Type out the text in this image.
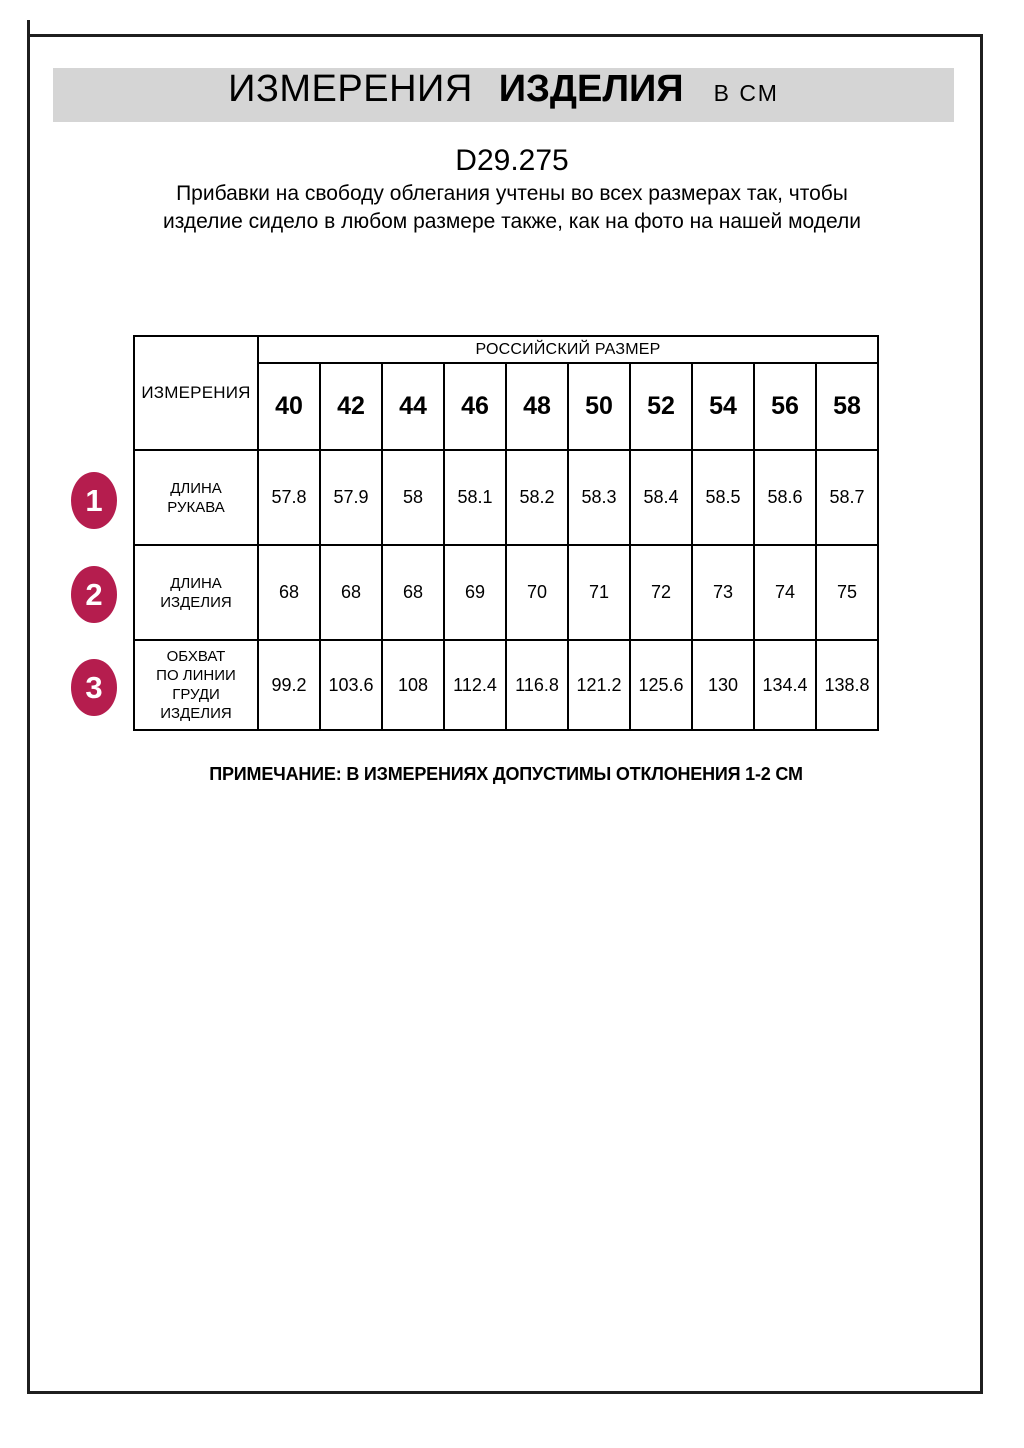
ИЗМЕРЕНИЯ ИЗДЕЛИЯ В СМ
D29.275
Прибавки на свободу облегания учтены во всех размерах так, чтобы изделие сидело в любом размере также, как на фото на нашей модели
ИЗМЕРЕНИЯ	РОССИЙСКИЙ РАЗМЕР									
	40	42	44	46	48	50	52	54	56	58
ДЛИНА РУКАВА	57.8	57.9	58	58.1	58.2	58.3	58.4	58.5	58.6	58.7
ДЛИНА ИЗДЕЛИЯ	68	68	68	69	70	71	72	73	74	75
ОБХВАТ ПО ЛИНИИ ГРУДИ ИЗДЕЛИЯ	99.2	103.6	108	112.4	116.8	121.2	125.6	130	134.4	138.8
1
2
3
ПРИМЕЧАНИЕ: В ИЗМЕРЕНИЯХ ДОПУСТИМЫ ОТКЛОНЕНИЯ 1-2 СМ
